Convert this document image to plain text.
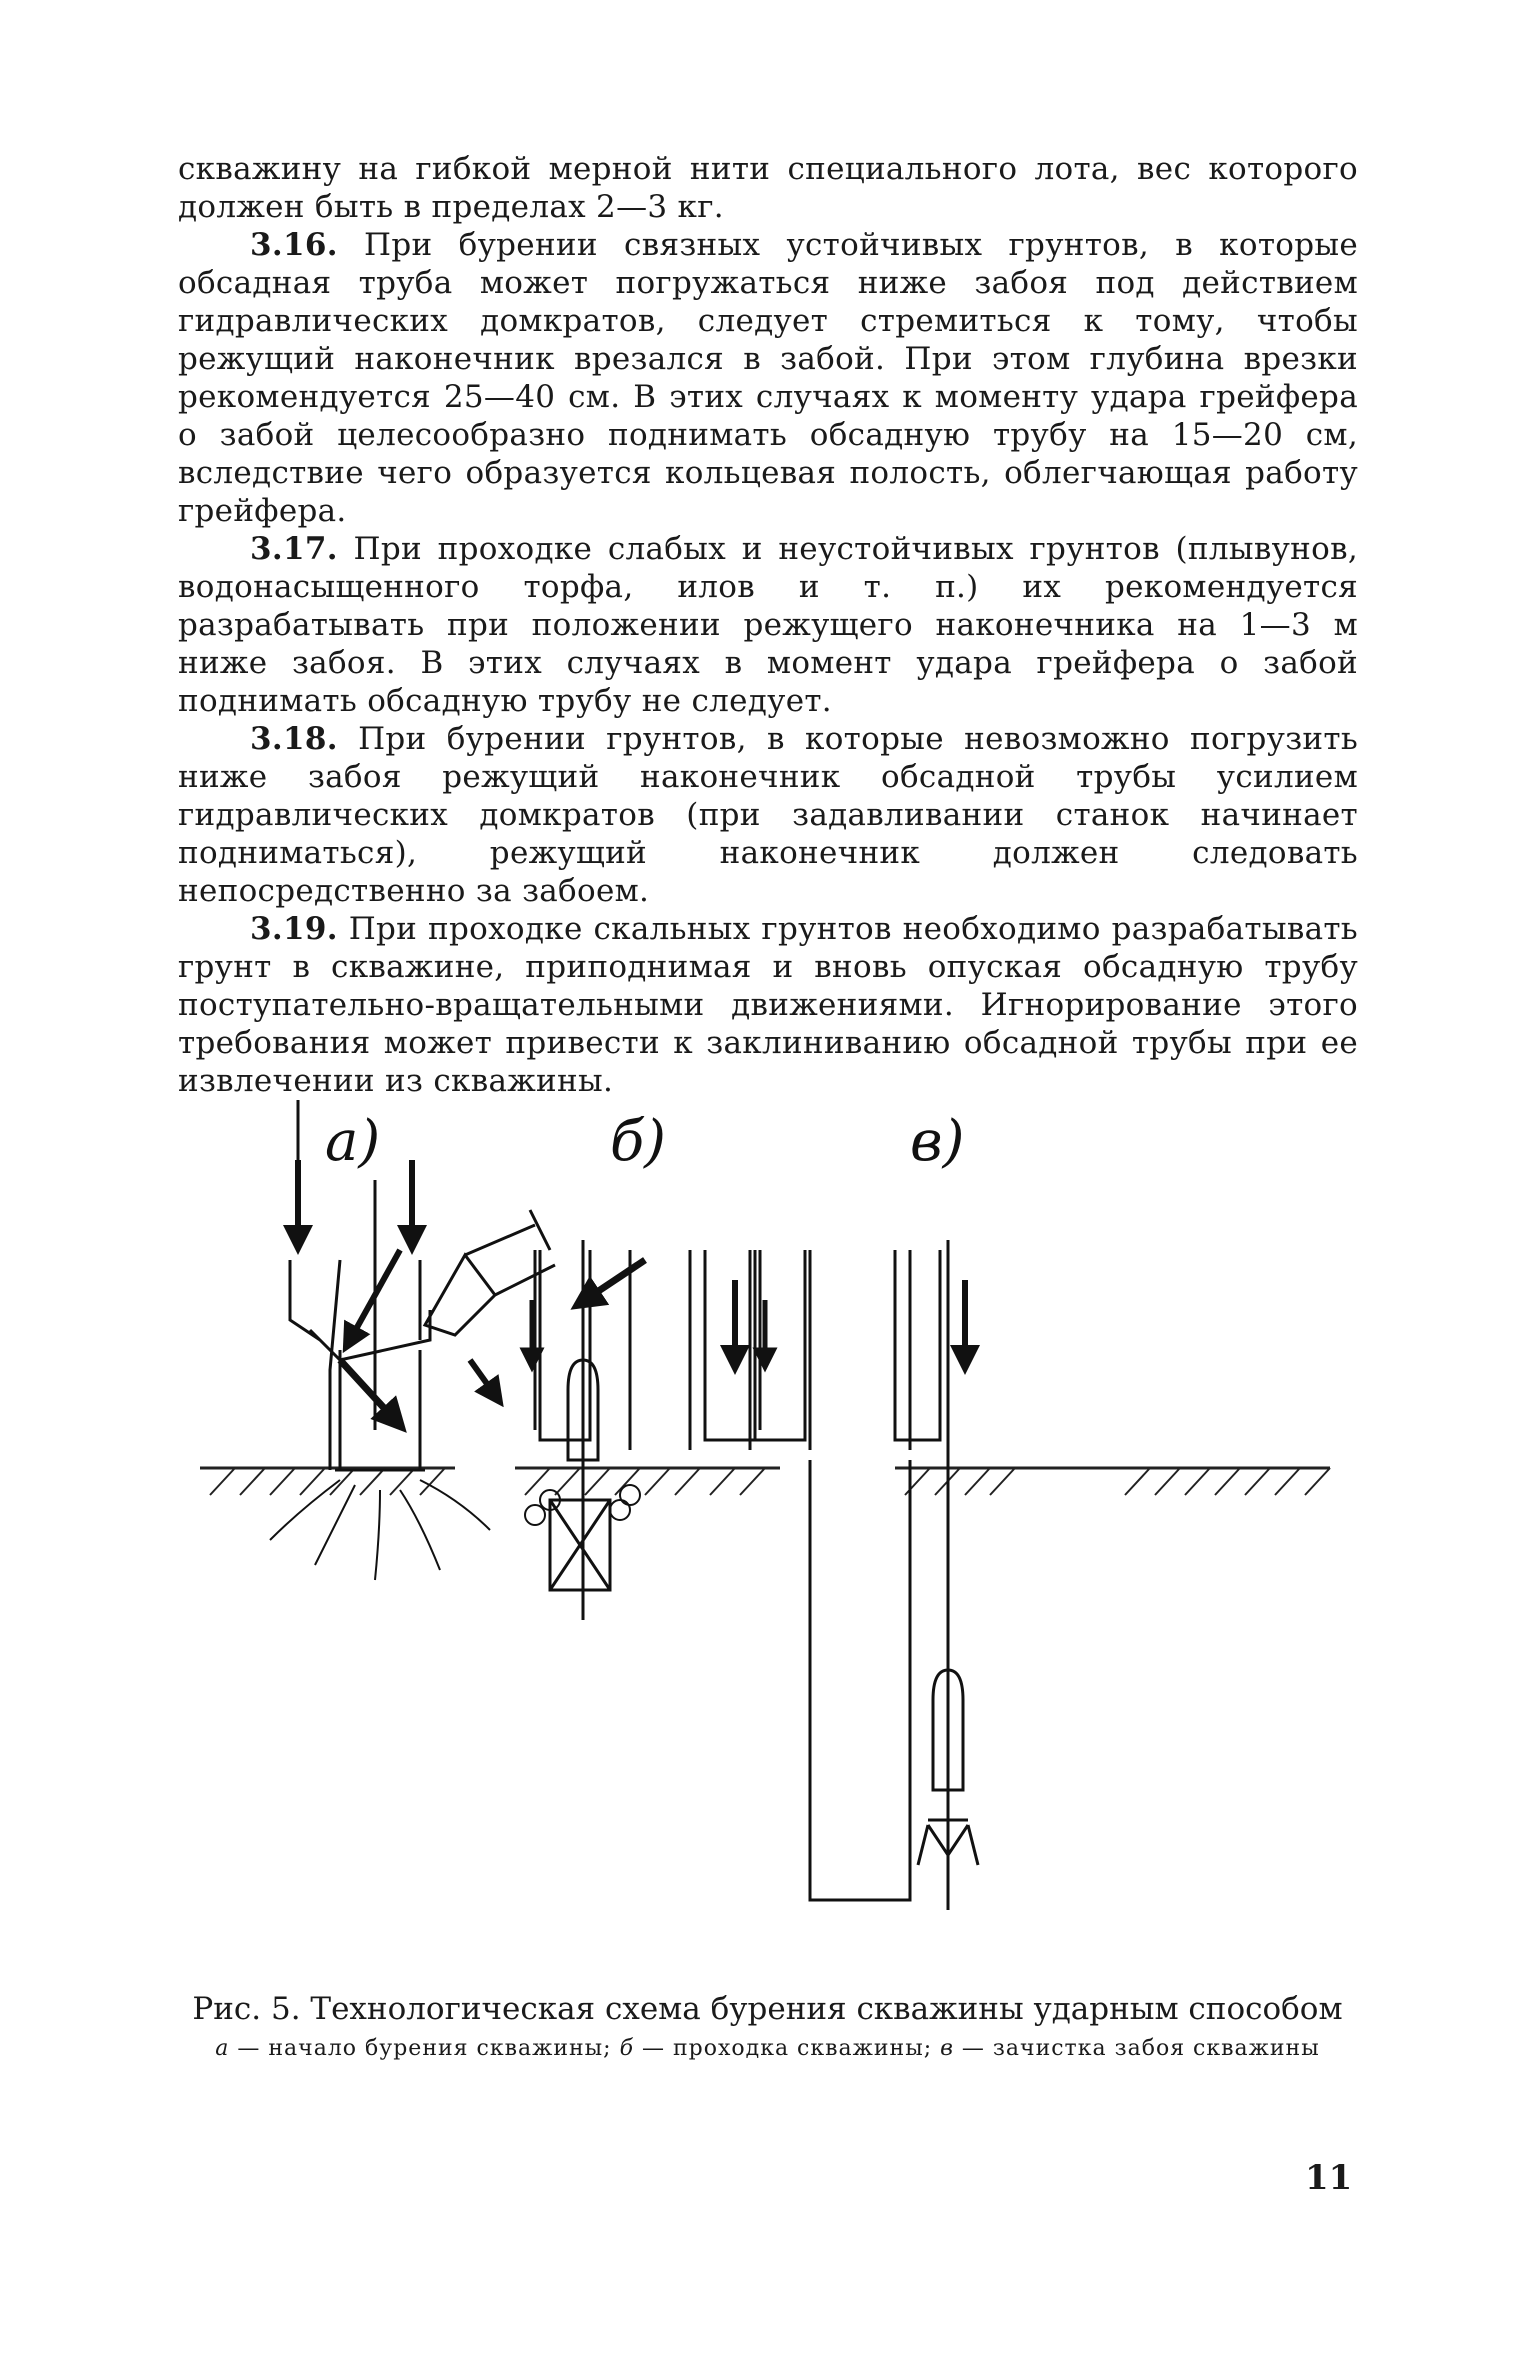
скважину на гибкой мерной нити специального лота, вес которого должен быть в пределах 2—3 кг.

3.16. При бурении связных устойчивых грунтов, в которые обсадная труба может погружаться ниже забоя под действием гидравлических домкратов, следует стремиться к тому, чтобы режущий наконечник врезался в забой. При этом глубина врезки рекомендуется 25—40 см. В этих случаях к моменту удара грейфера о забой целесообразно поднимать обсадную трубу на 15—20 см, вследствие чего образуется кольцевая полость, облегчающая работу грейфера.

3.17. При проходке слабых и неустойчивых грунтов (плывунов, водонасыщенного торфа, илов и т. п.) их рекомендуется разрабатывать при положении режущего наконечника на 1—3 м ниже забоя. В этих случаях в момент удара грейфера о забой поднимать обсадную трубу не следует.

3.18. При бурении грунтов, в которые невозможно погрузить ниже забоя режущий наконечник обсадной трубы усилием гидравлических домкратов (при задавливании станок начинает подниматься), режущий наконечник должен следовать непосредственно за забоем.

3.19. При проходке скальных грунтов необходимо разрабатывать грунт в скважине, приподнимая и вновь опуская обсадную трубу поступательно-вращательными движениями. Игнорирование этого требования может привести к заклиниванию обсадной трубы при ее извлечении из скважины.

а)	б)	в)

Рис. 5. Технологическая схема бурения скважины ударным способом

а — начало бурения скважины; б — проходка скважины; в — зачистка забоя скважины

11
